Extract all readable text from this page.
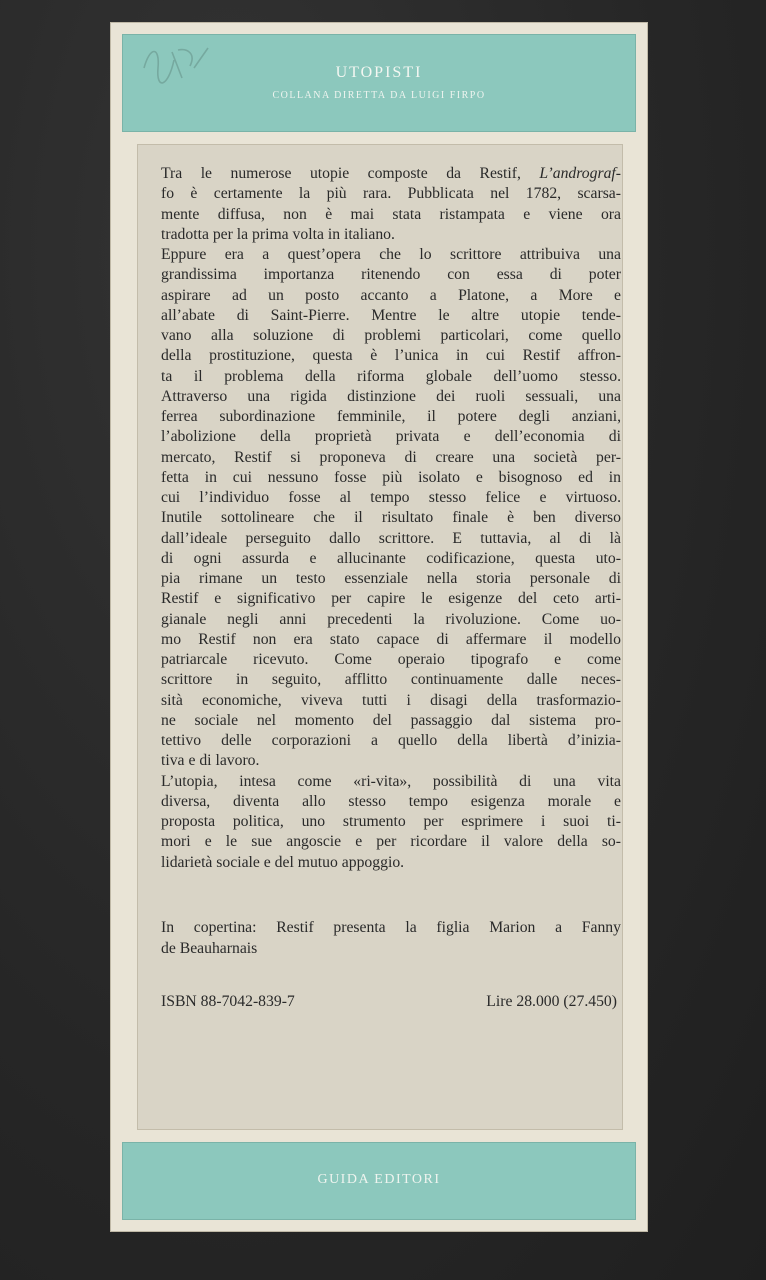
UTOPISTI
COLLANA DIRETTA DA LUIGI FIRPO
Tra le numerose utopie composte da Restif, L’andrograf-
fo è certamente la più rara. Pubblicata nel 1782, scarsa-
mente diffusa, non è mai stata ristampata e viene ora
tradotta per la prima volta in italiano.
Eppure era a quest’opera che lo scrittore attribuiva una
grandissima importanza ritenendo con essa di poter
aspirare ad un posto accanto a Platone, a More e
all’abate di Saint-Pierre. Mentre le altre utopie tende-
vano alla soluzione di problemi particolari, come quello
della prostituzione, questa è l’unica in cui Restif affron-
ta il problema della riforma globale dell’uomo stesso.
Attraverso una rigida distinzione dei ruoli sessuali, una
ferrea subordinazione femminile, il potere degli anziani,
l’abolizione della proprietà privata e dell’economia di
mercato, Restif si proponeva di creare una società per-
fetta in cui nessuno fosse più isolato e bisognoso ed in
cui l’individuo fosse al tempo stesso felice e virtuoso.
Inutile sottolineare che il risultato finale è ben diverso
dall’ideale perseguito dallo scrittore. E tuttavia, al di là
di ogni assurda e allucinante codificazione, questa uto-
pia rimane un testo essenziale nella storia personale di
Restif e significativo per capire le esigenze del ceto arti-
gianale negli anni precedenti la rivoluzione. Come uo-
mo Restif non era stato capace di affermare il modello
patriarcale ricevuto. Come operaio tipografo e come
scrittore in seguito, afflitto continuamente dalle neces-
sità economiche, viveva tutti i disagi della trasformazio-
ne sociale nel momento del passaggio dal sistema pro-
tettivo delle corporazioni a quello della libertà d’inizia-
tiva e di lavoro.
L’utopia, intesa come «ri-vita», possibilità di una vita
diversa, diventa allo stesso tempo esigenza morale e
proposta politica, uno strumento per esprimere i suoi ti-
mori e le sue angoscie e per ricordare il valore della so-
lidarietà sociale e del mutuo appoggio.
In copertina: Restif presenta la figlia Marion a Fanny
de Beauharnais
ISBN 88-7042-839-7	Lire 28.000 (27.450)
GUIDA EDITORI
